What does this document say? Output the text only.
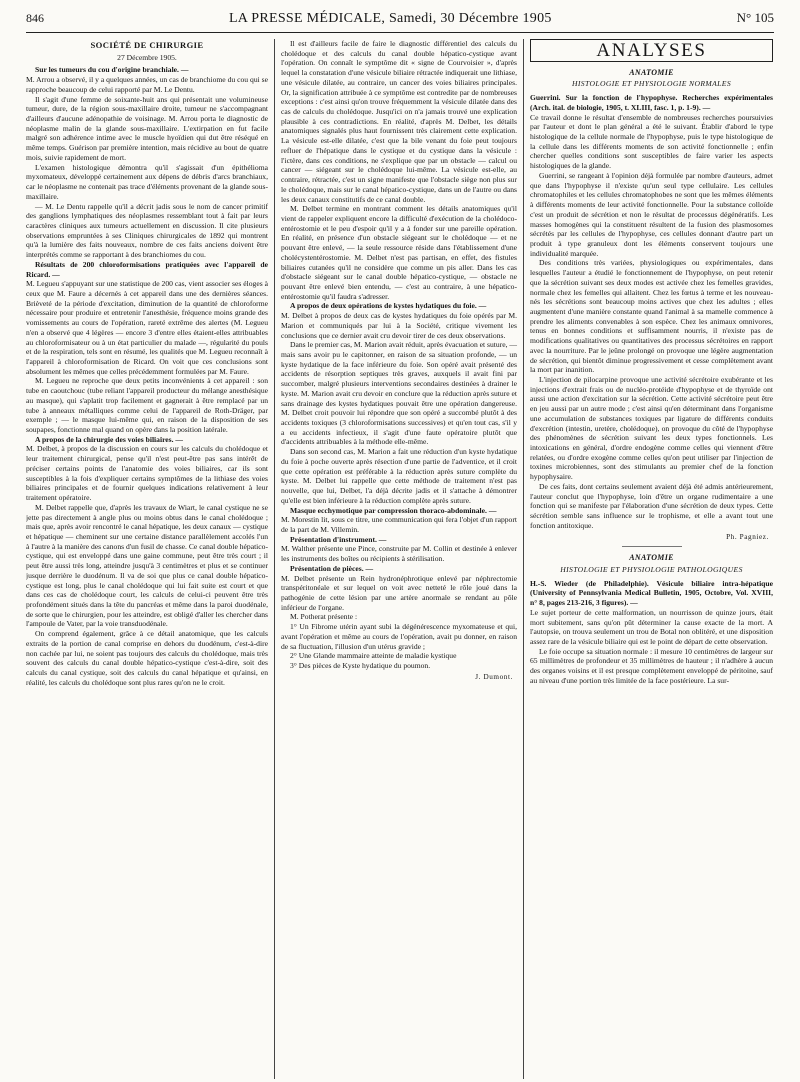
846	LA PRESSE MÉDICALE, Samedi, 30 Décembre 1905	N° 105
SOCIÉTÉ DE CHIRURGIE
27 Décembre 1905.

Sur les tumeurs du cou d'origine branchiale. —

M. Arrou a observé, il y a quelques années, un cas de branchiome du cou qui se rapproche beaucoup de celui rapporté par M. Le Dentu.

Il s'agit d'une femme de soixante-huit ans qui présentait une volumineuse tumeur, dure, de la région sous-maxillaire droite, tumeur ne s'accompagnant d'ailleurs d'aucune adénopathie de voisinage. M. Arrou porta le diagnostic de néoplasme malin de la glande sous-maxillaire. L'extirpation en fut facile malgré son adhérence intime avec le muscle hyoïdien qui dut être réséqué en même temps. Guérison par première intention, mais récidive au bout de quatre mois, suivie rapidement de mort.

L'examen histologique démontra qu'il s'agissait d'un épithélioma myxomateux, développé certainement aux dépens de débris d'arcs branchiaux, car le néoplasme ne contenait pas trace d'éléments provenant de la glande sous-maxillaire.

— M. Le Dentu rappelle qu'il a décrit jadis sous le nom de cancer primitif des ganglions lymphatiques des néoplasmes ressemblant tout à fait par leurs caractères cliniques aux tumeurs actuellement en discussion. Il cite plusieurs observations empruntées à ses Cliniques chirurgicales de 1892 qui montrent qu'à la lumière des faits nouveaux, nombre de ces faits anciens doivent être interprétés comme se rapportant à des branchiomes du cou.

Résultats de 200 chloroformisations pratiquées avec l'appareil de Ricard. —

M. Legueu s'appuyant sur une statistique de 200 cas, vient associer ses éloges à ceux que M. Faure a décernés à cet appareil dans une des dernières séances. Brièveté de la période d'excitation, diminution de la quantité de chloroforme nécessaire pour produire et entretenir l'anesthésie, fréquence moins grande des vomissements au cours de l'opération, rareté extrême des alertes (M. Legueu n'en a observé que 4 légères — encore 3 d'entre elles étaient-elles attribuables au chloroformisateur ou à un état particulier du malade —, régularité du pouls et de la respiration, tels sont en résumé, les qualités que M. Legueu reconnaît à l'appareil à chloroformisation de Ricard. On voit que ces conclusions sont absolument les mêmes que celles précédemment formulées par M. Faure.

M. Legueu ne reproche que deux petits inconvénients à cet appareil : son tube en caoutchouc (tube reliant l'appareil producteur du mélange anesthésique au masque), qui s'aplatit trop facilement et gagnerait à être remplacé par un tube à anneaux métalliques comme celui de l'appareil de Roth-Dräger, par exemple ; — le masque lui-même qui, en raison de la disposition de ses soupapes, fonctionne mal quand on opère dans la position latérale.

A propos de la chirurgie des voies biliaires. —

M. Delbet, à propos de la discussion en cours sur les calculs du cholédoque et leur traitement chirurgical, pense qu'il n'est peut-être pas sans intérêt de préciser certains points de l'anatomie des voies biliaires, car ils sont susceptibles à la fois d'expliquer certains symptômes de la lithiase des voies biliaires principales et de fournir quelques indications relativement à leur traitement opératoire.

M. Delbet rappelle que, d'après les travaux de Wiart, le canal cystique ne se jette pas directement à angle plus ou moins obtus dans le canal cholédoque ; mais que, après avoir rencontré le canal hépatique, les deux canaux — cystique et hépatique — cheminent sur une certaine distance parallèlement accolés l'un à l'autre à la manière des canons d'un fusil de chasse. Ce canal double hépatico-cystique, qui est enveloppé dans une gaine commune, peut être très court ; il peut être aussi très long, atteindre jusqu'à 3 centimètres et plus et se continuer jusque derrière le duodénum. Il va de soi que plus ce canal double hépatico-cystique est long, plus le canal cholédoque qui lui fait suite est court et que dans ces cas de cholédoque court, les calculs de celui-ci peuvent être très profondément situés dans la tête du pancréas et même dans la paroi duodénale, de sorte que le chirurgien, pour les atteindre, est obligé d'aller les chercher dans l'ampoule de Vater, par la voie transduodénale.

On comprend également, grâce à ce détail anatomique, que les calculs extraits de la portion de canal comprise en dehors du duodénum, c'est-à-dire non cachée par lui, ne soient pas toujours des calculs du cholédoque, mais très souvent des calculs du canal double hépatico-cystique c'est-à-dire, soit des calculs du canal cystique, soit des calculs du canal hépatique et qu'ainsi, en réalité, les calculs du cholédoque sont plus rares qu'on ne le croit.

Il est d'ailleurs facile de faire le diagnostic différentiel des calculs du cholédoque et des calculs du canal double hépatico-cystique avant l'opération. On connaît le symptôme dit « signe de Courvoisier », d'après lequel la constatation d'une vésicule biliaire rétractée indiquerait une lithiase, une vésicule dilatée, au contraire, un cancer des voies biliaires principales. Or, la signification attribuée à ce symptôme est contredite par de nombreuses exceptions : c'est ainsi qu'on trouve fréquemment la vésicule dilatée dans des cas de calculs du cholédoque. Jusqu'ici on n'a jamais trouvé une explication plausible à ces contradictions. En réalité, d'après M. Delbet, les détails anatomiques signalés plus haut fournissent très clairement cette explication. La vésicule est-elle dilatée, c'est que la bile venant du foie peut toujours refluer de l'hépatique dans le cystique et du cystique dans la vésicule : l'ictère, dans ces conditions, ne s'explique que par un obstacle — calcul ou cancer — siégeant sur le cholédoque lui-même. La vésicule est-elle, au contraire, rétractée, c'est un signe manifeste que l'obstacle siège non plus sur le cholédoque, mais sur le canal hépatico-cystique, dans un de l'autre ou dans les deux canaux constitutifs de ce canal double.

M. Delbet termine en montrant comment les détails anatomiques qu'il vient de rappeler expliquent encore la difficulté d'exécution de la cholédoco-entérostomie et le peu d'espoir qu'il y a à fonder sur une pareille opération. En réalité, en présence d'un obstacle siégeant sur le cholédoque — et ne pouvant être enlevé, — la seule ressource réside dans l'établissement d'une cholécystentérostomie. M. Delbet n'est pas partisan, en effet, des fistules biliaires cutanées qu'il ne considère que comme un pis aller. Dans les cas d'obstacle siégeant sur le canal double hépatico-cystique, — obstacle ne pouvant être enlevé bien entendu, — c'est au contraire, à une hépatico-entérostomie qu'il faudra s'adresser.

A propos de deux opérations de kystes hydatiques du foie. —

M. Delbet à propos de deux cas de kystes hydatiques du foie opérés par M. Marion et communiqués par lui à la Société, critique vivement les conclusions que ce dernier avait cru devoir tirer de ces deux observations.

Dans le premier cas, M. Marion avait réduit, après évacuation et suture, — mais sans avoir pu le capitonner, en raison de sa situation profonde, — un kyste hydatique de la face inférieure du foie. Son opéré avait présenté des accidents de résorption septiques très graves, auxquels il avait fini par succomber, malgré plusieurs interventions secondaires destinées à drainer le kyste. M. Marion avait cru devoir en conclure que la réduction après suture et sans drainage des kystes hydatiques pouvait être une opération dangereuse. M. Delbet croit pouvoir lui répondre que son opéré a succombé plutôt à des accidents toxiques (3 chloroformisations successives) et qu'en tout cas, s'il y a eu accidents infectieux, il s'agit d'une faute opératoire plutôt que d'accidents attribuables à la méthode elle-même.

Dans son second cas, M. Marion a fait une réduction d'un kyste hydatique du foie à poche ouverte après résection d'une partie de l'adventice, et il croit que cette opération est préférable à la réduction après suture complète du kyste. M. Delbet lui rappelle que cette méthode de traitement n'est pas nouvelle, que lui, Delbet, l'a déjà décrite jadis et il s'attache à démontrer qu'elle est bien inférieure à la réduction complète après suture.

Masque ecchymotique par compression thoraco-abdominale. —

M. Morestin lit, sous ce titre, une communication qui fera l'objet d'un rapport de la part de M. Villemin.

Présentation d'instrument. —

M. Walther présente une Pince, construite par M. Collin et destinée à enlever les instruments des boîtes ou récipients à stérilisation.

Présentation de pièces. —

M. Delbet présente un Rein hydronéphrotique enlevé par néphrectomie transpéritonéale et sur lequel on voit avec netteté le rôle joué dans la pathogénie de cette lésion par une artère anormale se rendant au pôle inférieur de l'organe.

M. Potherat présente :

1° Un Fibrome utérin ayant subi la dégénérescence myxomateuse et qui, avant l'opération et même au cours de l'opération, avait pu donner, en raison de sa fluctuation, l'illusion d'un utérus gravide ;

2° Une Glande mammaire atteinte de maladie kystique

3° Des pièces de Kyste hydatique du poumon.

J. Dumont.
ANALYSES
ANATOMIE
HISTOLOGIE ET PHYSIOLOGIE NORMALES

Guerrini. Sur la fonction de l'hypophyse. Recherches expérimentales (Arch. ital. de biologie, 1905, t. XLIII, fasc. 1, p. 1-9). —

Ce travail donne le résultat d'ensemble de nombreuses recherches poursuivies par l'auteur et dont le plan général a été le suivant. Établir d'abord le type histologique de la cellule normale de l'hypophyse, puis le type histologique de la cellule dans les différents moments de son activité fonctionnelle ; enfin chercher quelles conditions sont susceptibles de faire varier les aspects histologiques de la glande.

Guerrini, se rangeant à l'opinion déjà formulée par nombre d'auteurs, admet que dans l'hypophyse il n'existe qu'un seul type cellulaire. Les cellules chromatophiles et les cellules chromatophobes ne sont que les mêmes éléments à différents moments de leur activité fonctionnelle. Pour la substance colloïde c'est un produit de sécrétion et non le résultat de processus dégénératifs. Les masses homogènes qui la constituent résultent de la fusion des plasmosomes sécrétés par les cellules de l'hypophyse, ces cellules donnant d'autre part un produit à type granuleux dont les éléments conservent toujours une individualité marquée.

Des conditions très variées, physiologiques ou expérimentales, dans lesquelles l'auteur a étudié le fonctionnement de l'hypophyse, on peut retenir que la sécrétion suivant ses deux modes est activée chez les femelles gravides, normale chez les femelles qui allaitent. Chez les fœtus à terme et les nouveau-nés les sécrétions sont beaucoup moins actives que chez les adultes ; elles augmentent d'une manière constante quand l'animal à sa mamelle commence à prendre les aliments convenables à son espèce. Chez les animaux omnivores, tenus en bonnes conditions et suffisamment nourris, il n'existe pas de modifications qualitatives ou quantitatives des processus sécrétoires en rapport avec la nourriture. Par le jeûne prolongé on provoque une légère augmentation de sécrétion, qui bientôt diminue progressivement et cesse complètement avant la mort par inanition.

L'injection de pilocarpine provoque une activité sécrétoire exubérante et les injections d'extrait frais ou de nucléo-protéide d'hypophyse et de thyroïde ont aussi une action d'excitation sur la sécrétion. Cette activité sécrétoire peut être en jeu aussi par un autre mode ; c'est ainsi qu'en déterminant dans l'organisme une accumulation de substances toxiques par ligature de différents conduits d'excrétion (intestin, uretère, cholédoque), on provoque du côté de l'hypophyse des phénomènes de sécrétion suivant les deux types fonctionnels. Les intoxications en général, d'ordre endogène comme celles qui viennent d'être relatées, ou d'ordre exogène comme celles qu'on peut utiliser par l'injection de toxines microbiennes, sont des stimulants au premier chef de la fonction hypophysaire.

De ces faits, dont certains seulement avaient déjà été admis antérieurement, l'auteur conclut que l'hypophyse, loin d'être un organe rudimentaire a une fonction qui se manifeste par l'élaboration d'une sécrétion de deux types. Cette sécrétion semble sans influence sur le trophisme, et elle a avant tout une fonction antitoxique.

Ph. Pagniez.
ANATOMIE
HISTOLOGIE ET PHYSIOLOGIE PATHOLOGIQUES

H.-S. Wieder (de Philadelphie). Vésicule biliaire intra-hépatique (University of Pennsylvania Medical Bulletin, 1905, Octobre, Vol. XVIII, n° 8, pages 213-216, 3 figures). —

Le sujet porteur de cette malformation, un nourrisson de quinze jours, était mort subitement, sans qu'on pût déterminer la cause exacte de la mort. A l'autopsie, on trouva seulement un trou de Botal non oblitéré, et une disposition assez rare de la vésicule biliaire qui est le point de départ de cette observation.

Le foie occupe sa situation normale : il mesure 10 centimètres de largeur sur 65 millimètres de profondeur et 35 millimètres de hauteur ; il n'adhère à aucun des organes voisins et il est presque complètement enveloppé de péritoine, sauf au niveau d'une portion très limitée de la face postérieure. La sur-
